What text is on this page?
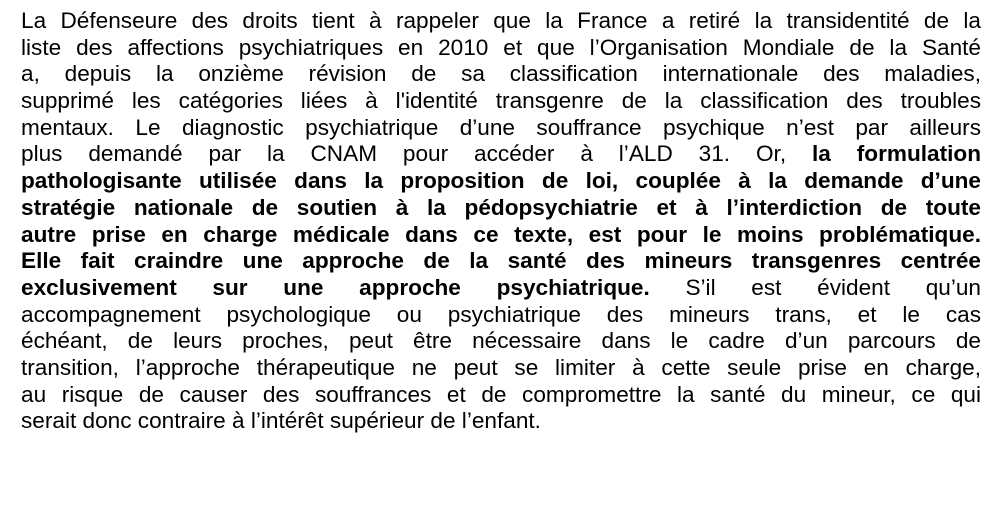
La Défenseure des droits tient à rappeler que la France a retiré la transidentité de la
liste des affections psychiatriques en 2010 et que l’Organisation Mondiale de la Santé
a, depuis la onzième révision de sa classification internationale des maladies,
supprimé les catégories liées à l'identité transgenre de la classification des troubles
mentaux. Le diagnostic psychiatrique d’une souffrance psychique n’est par ailleurs
plus demandé par la CNAM pour accéder à l’ALD 31. Or, la formulation
pathologisante utilisée dans la proposition de loi, couplée à la demande d’une
stratégie nationale de soutien à la pédopsychiatrie et à l’interdiction de toute
autre prise en charge médicale dans ce texte, est pour le moins problématique.
Elle fait craindre une approche de la santé des mineurs transgenres centrée
exclusivement sur une approche psychiatrique. S’il est évident qu’un
accompagnement psychologique ou psychiatrique des mineurs trans, et le cas
échéant, de leurs proches, peut être nécessaire dans le cadre d’un parcours de
transition, l’approche thérapeutique ne peut se limiter à cette seule prise en charge,
au risque de causer des souffrances et de compromettre la santé du mineur, ce qui
serait donc contraire à l’intérêt supérieur de l’enfant.
